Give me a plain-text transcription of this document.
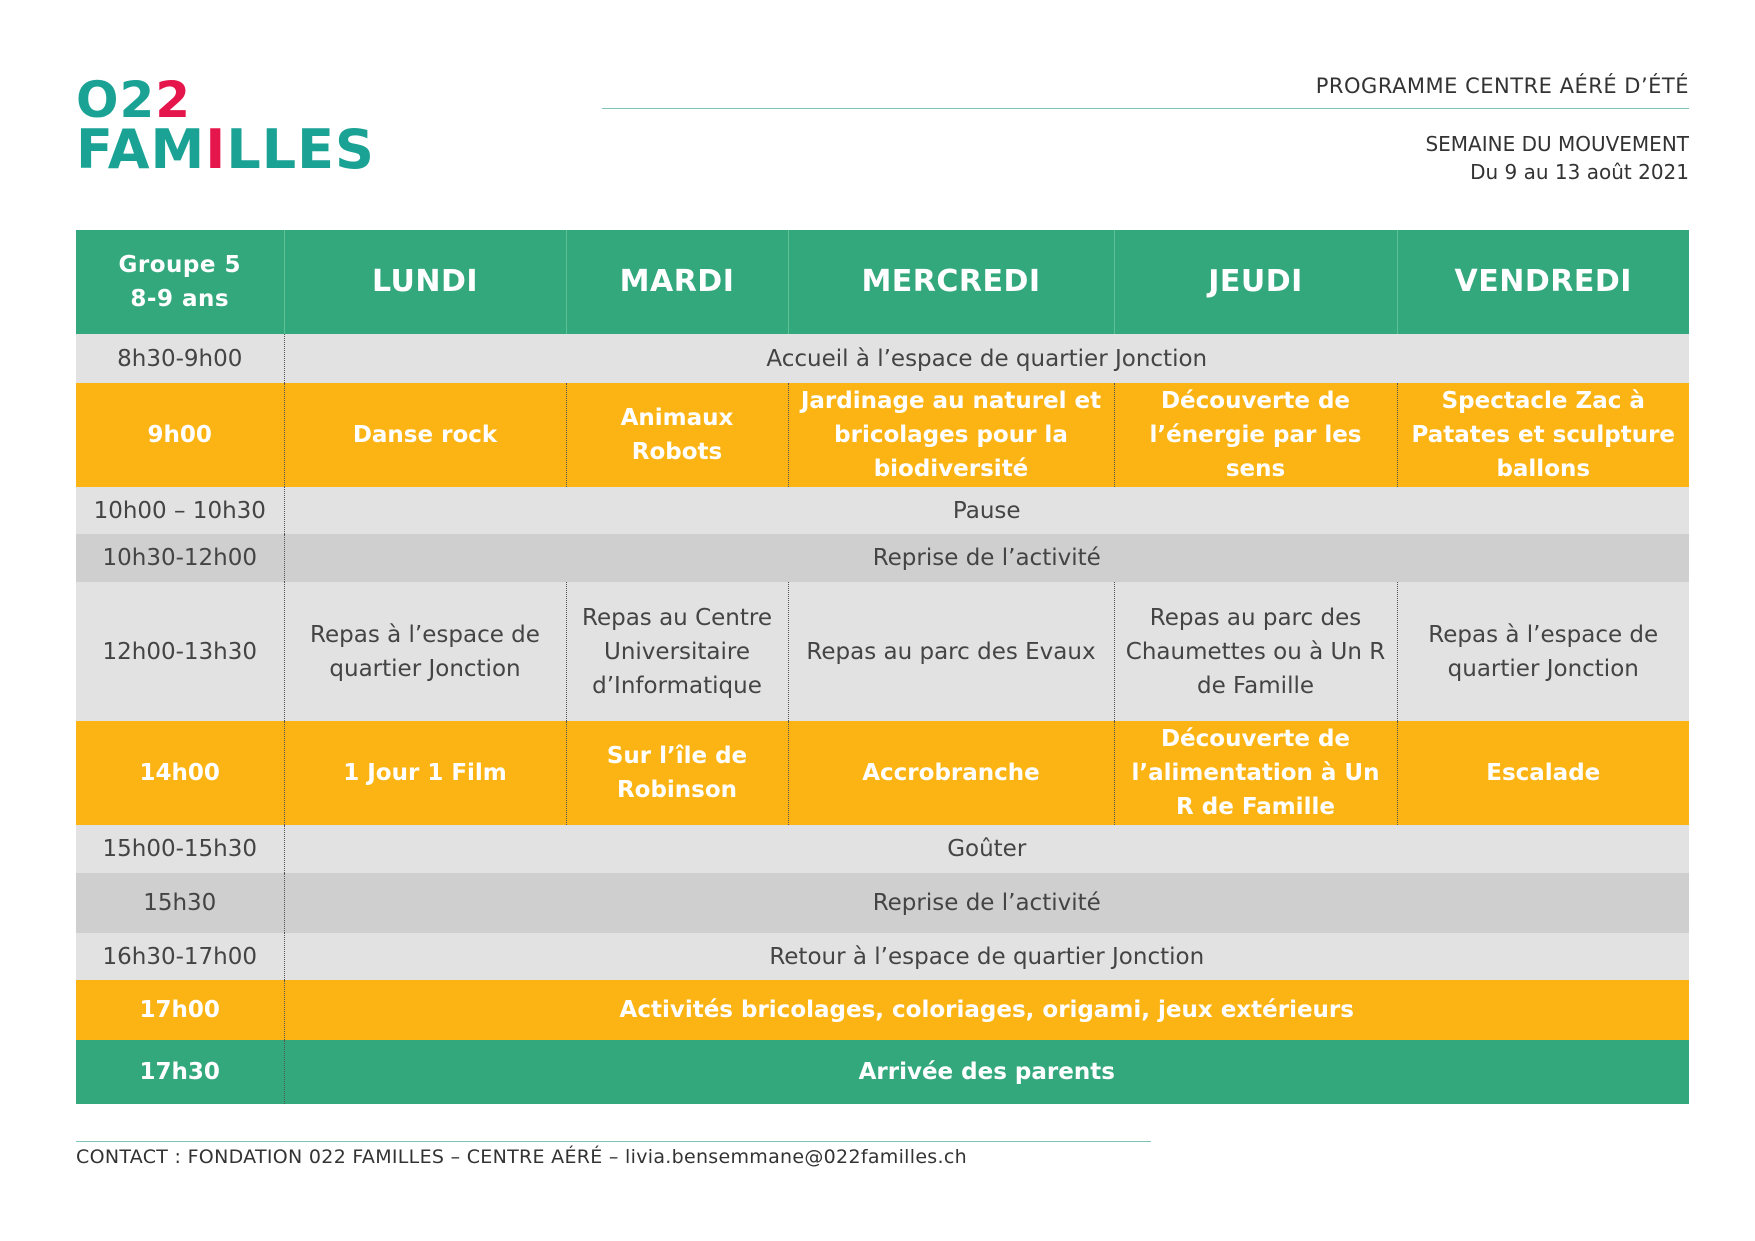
O22
FAMILLES
PROGRAMME CENTRE AÉRÉ D’ÉTÉ
SEMAINE DU MOUVEMENT
Du 9 au 13 août 2021
Groupe 5
8-9 ans	LUNDI	MARDI	MERCREDI	JEUDI	VENDREDI
8h30-9h00	Accueil à l’espace de quartier Jonction				
9h00	Danse rock	Animaux Robots	Jardinage au naturel et bricolages pour la biodiversité	Découverte de l’énergie par les sens	Spectacle Zac à Patates et sculpture ballons
10h00 – 10h30	Pause				
10h30-12h00	Reprise de l’activité				
12h00-13h30	Repas à l’espace de quartier Jonction	Repas au Centre Universitaire d’Informatique	Repas au parc des Evaux	Repas au parc des Chaumettes ou à Un R de Famille	Repas à l’espace de quartier Jonction
14h00	1 Jour 1 Film	Sur l’île de Robinson	Accrobranche	Découverte de l’alimentation à Un R de Famille	Escalade
15h00-15h30	Goûter				
15h30	Reprise de l’activité				
16h30-17h00	Retour à l’espace de quartier Jonction				
17h00	Activités bricolages, coloriages, origami, jeux extérieurs				
17h30	Arrivée des parents				
CONTACT : FONDATION 022 FAMILLES – CENTRE AÉRÉ – livia.bensemmane@022familles.ch
